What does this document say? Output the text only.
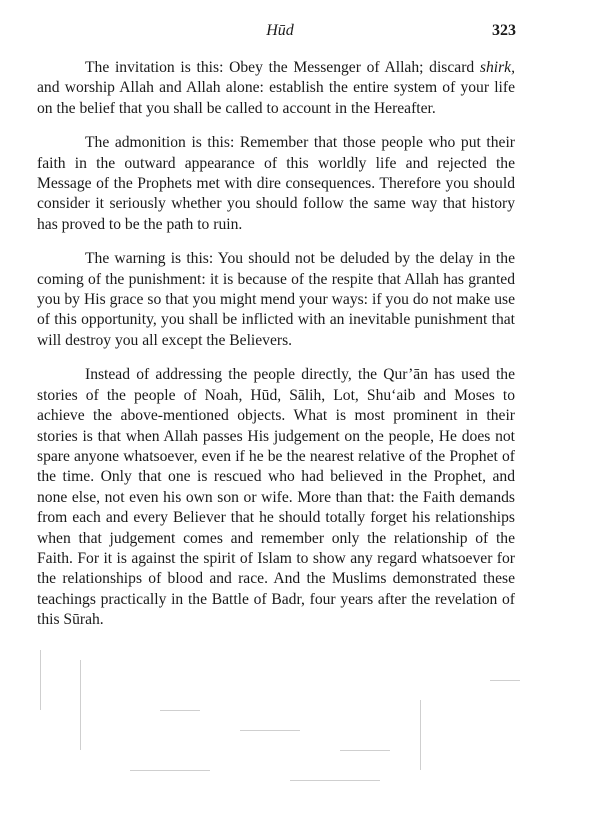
Hūd	323

The invitation is this: Obey the Messenger of Allah; discard shirk, and worship Allah and Allah alone: establish the entire system of your life on the belief that you shall be called to account in the Hereafter.

The admonition is this: Remember that those people who put their faith in the outward appearance of this worldly life and rejected the Message of the Prophets met with dire consequences. Therefore you should consider it seriously whether you should follow the same way that history has proved to be the path to ruin.

The warning is this: You should not be deluded by the delay in the coming of the punishment: it is because of the respite that Allah has granted you by His grace so that you might mend your ways: if you do not make use of this opportunity, you shall be inflicted with an inevitable punishment that will destroy you all except the Believers.

Instead of addressing the people directly, the Qur’ān has used the stories of the people of Noah, Hūd, Sālih, Lot, Shu‘aib and Moses to achieve the above-mentioned objects. What is most prominent in their stories is that when Allah passes His judgement on the people, He does not spare anyone whatsoever, even if he be the nearest relative of the Prophet of the time. Only that one is rescued who had believed in the Prophet, and none else, not even his own son or wife. More than that: the Faith demands from each and every Believer that he should totally forget his relationships when that judgement comes and remember only the relationship of the Faith. For it is against the spirit of Islam to show any regard whatsoever for the relationships of blood and race. And the Muslims demonstrated these teachings practically in the Battle of Badr, four years after the revelation of this Sūrah.
